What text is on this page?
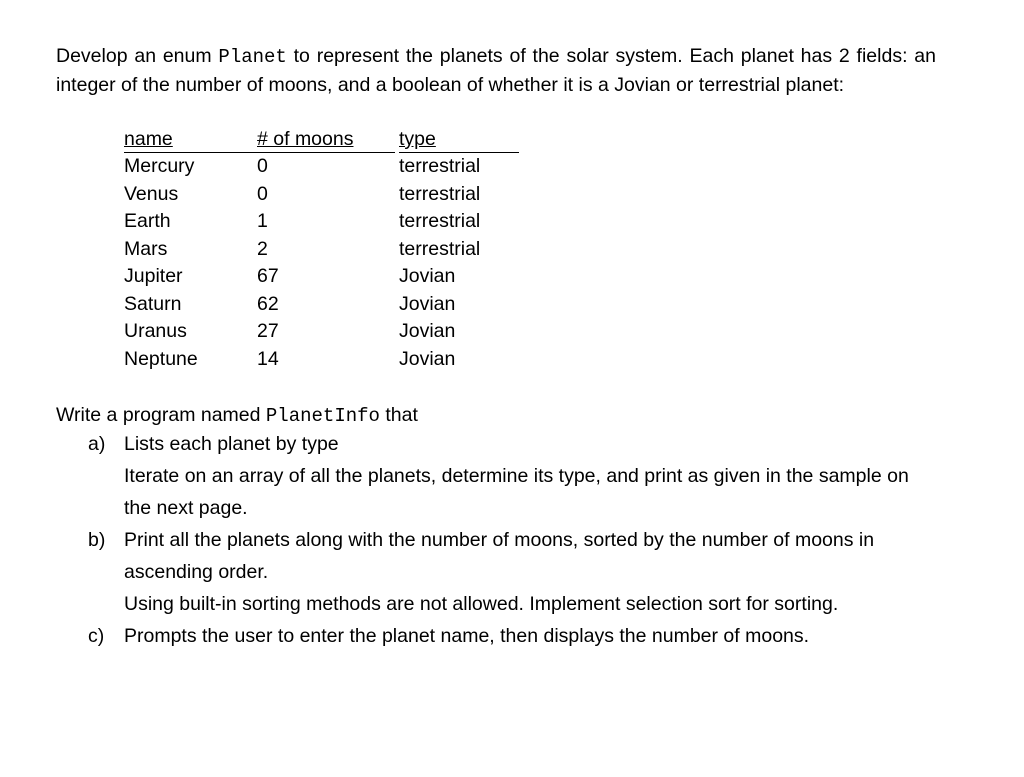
Develop an enum Planet to represent the planets of the solar system. Each planet has 2 fields: an integer of the number of moons, and a boolean of whether it is a Jovian or terrestrial planet:

name	# of moons		type
Mercury	0		terrestrial
Venus	0		terrestrial
Earth	1		terrestrial
Mars	2		terrestrial
Jupiter	67		Jovian
Saturn	62		Jovian
Uranus	27		Jovian
Neptune	14		Jovian

Write a program named PlanetInfo that

a) Lists each planet by type
Iterate on an array of all the planets, determine its type, and print as given in the sample on the next page.
b) Print all the planets along with the number of moons, sorted by the number of moons in ascending order.
Using built-in sorting methods are not allowed. Implement selection sort for sorting.
c) Prompts the user to enter the planet name, then displays the number of moons.
